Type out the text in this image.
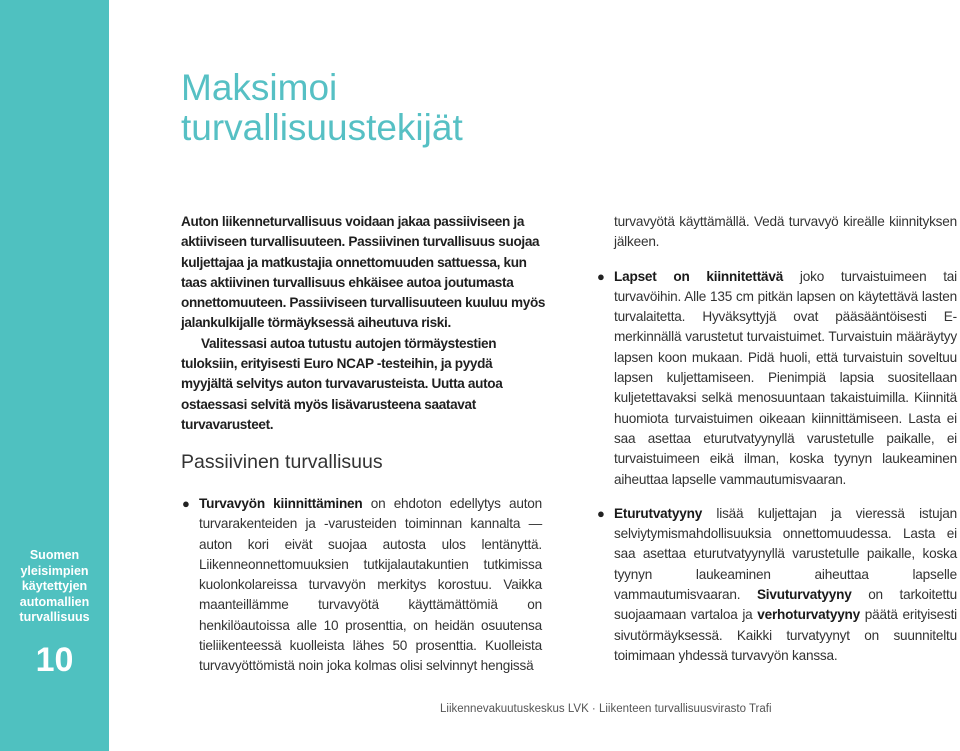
Suomen yleisimpien käytettyjen automallien turvallisuus
10
Maksimoi turvallisuustekijät

Auton liikenneturvallisuus voidaan jakaa passiiviseen ja aktiiviseen turvallisuuteen. Passiivinen turvallisuus suojaa kuljettajaa ja matkustajia onnettomuuden sattuessa, kun taas aktiivinen turvallisuus ehkäisee autoa joutumasta onnettomuuteen. Passiiviseen turvallisuuteen kuuluu myös jalankulkijalle törmäyksessä aiheutuva riski.

Valitessasi autoa tutustu autojen törmäystestien tuloksiin, erityisesti Euro NCAP -testeihin, ja pyydä myyjältä selvitys auton turvavarusteista. Uutta autoa ostaessasi selvitä myös lisävarusteena saatavat turvavarusteet.

Passiivinen turvallisuus
● Turvavyön kiinnittäminen on ehdoton edellytys auton turvarakenteiden ja -varusteiden toiminnan kannalta — auton kori eivät suojaa autosta ulos lentänyttä. Liikenneonnettomuuksien tutkijalautakuntien tutkimissa kuolonkolareissa turvavyön merkitys korostuu. Vaikka maanteillämme turvavyötä käyttämättömiä on henkilöautoissa alle 10 prosenttia, on heidän osuutensa tieliikenteessä kuolleista lähes 50 prosenttia. Kuolleista turvavyöttömistä noin joka kolmas olisi selvinnyt hengissä
turvavyötä käyttämällä. Vedä turvavyö kireälle kiinnityksen jälkeen.
● Lapset on kiinnitettävä joko turvaistuimeen tai turvavöihin. Alle 135 cm pitkän lapsen on käytettävä lasten turvalaitetta. Hyväksyttyjä ovat pääsääntöisesti E-merkinnällä varustetut turvaistuimet. Turvaistuin määräytyy lapsen koon mukaan. Pidä huoli, että turvaistuin soveltuu lapsen kuljettamiseen. Pienimpiä lapsia suositellaan kuljetettavaksi selkä menosuuntaan takaistuimilla. Kiinnitä huomiota turvaistuimen oikeaan kiinnittämiseen. Lasta ei saa asettaa eturutvatyynyllä varustetulle paikalle, ei turvaistuimeen eikä ilman, koska tyynyn laukeaminen aiheuttaa lapselle vammautumisvaaran.
● Eturutvatyyny lisää kuljettajan ja vieressä istujan selviytymismahdollisuuksia onnettomuudessa. Lasta ei saa asettaa eturutvatyynyllä varustetulle paikalle, koska tyynyn laukeaminen aiheuttaa lapselle vammautumisvaaran. Sivuturvatyyny on tarkoitettu suojaamaan vartaloa ja verhoturvatyyny päätä erityisesti sivutörmäyksessä. Kaikki turvatyynyt on suunniteltu toimimaan yhdessä turvavyön kanssa.
Liikennevakuutuskeskus LVK · Liikenteen turvallisuusvirasto Trafi
